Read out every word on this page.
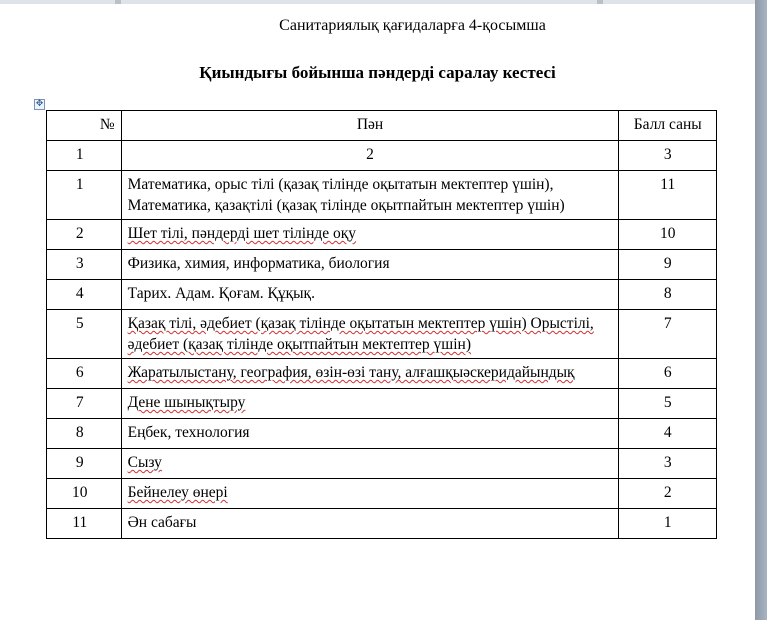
Санитариялық қағидаларға 4-қосымша
Қиындығы бойынша пәндерді саралау кестесі
✥
№	Пән	Балл саны
1	2	3
1	Математика, орыс тілі (қазақ тілінде оқытатын мектептер үшін), Математика, қазақтілі (қазақ тілінде оқытпайтын мектептер үшін)	11
2	Шет тілі, пәндерді шет тілінде оқу	10
3	Физика, химия, информатика, биология	9
4	Тарих. Адам. Қоғам. Құқық.	8
5	Қазақ тілі, әдебиет (қазақ тілінде оқытатын мектептер үшін) Орыстілі, әдебиет (қазақ тілінде оқытпайтын мектептер үшін)	7
6	Жаратылыстану, география, өзін-өзі тану, алғашқыәскеридайындық	6
7	Дене шынықтыру	5
8	Еңбек, технология	4
9	Сызу	3
10	Бейнелеу өнері	2
11	Ән сабағы	1
